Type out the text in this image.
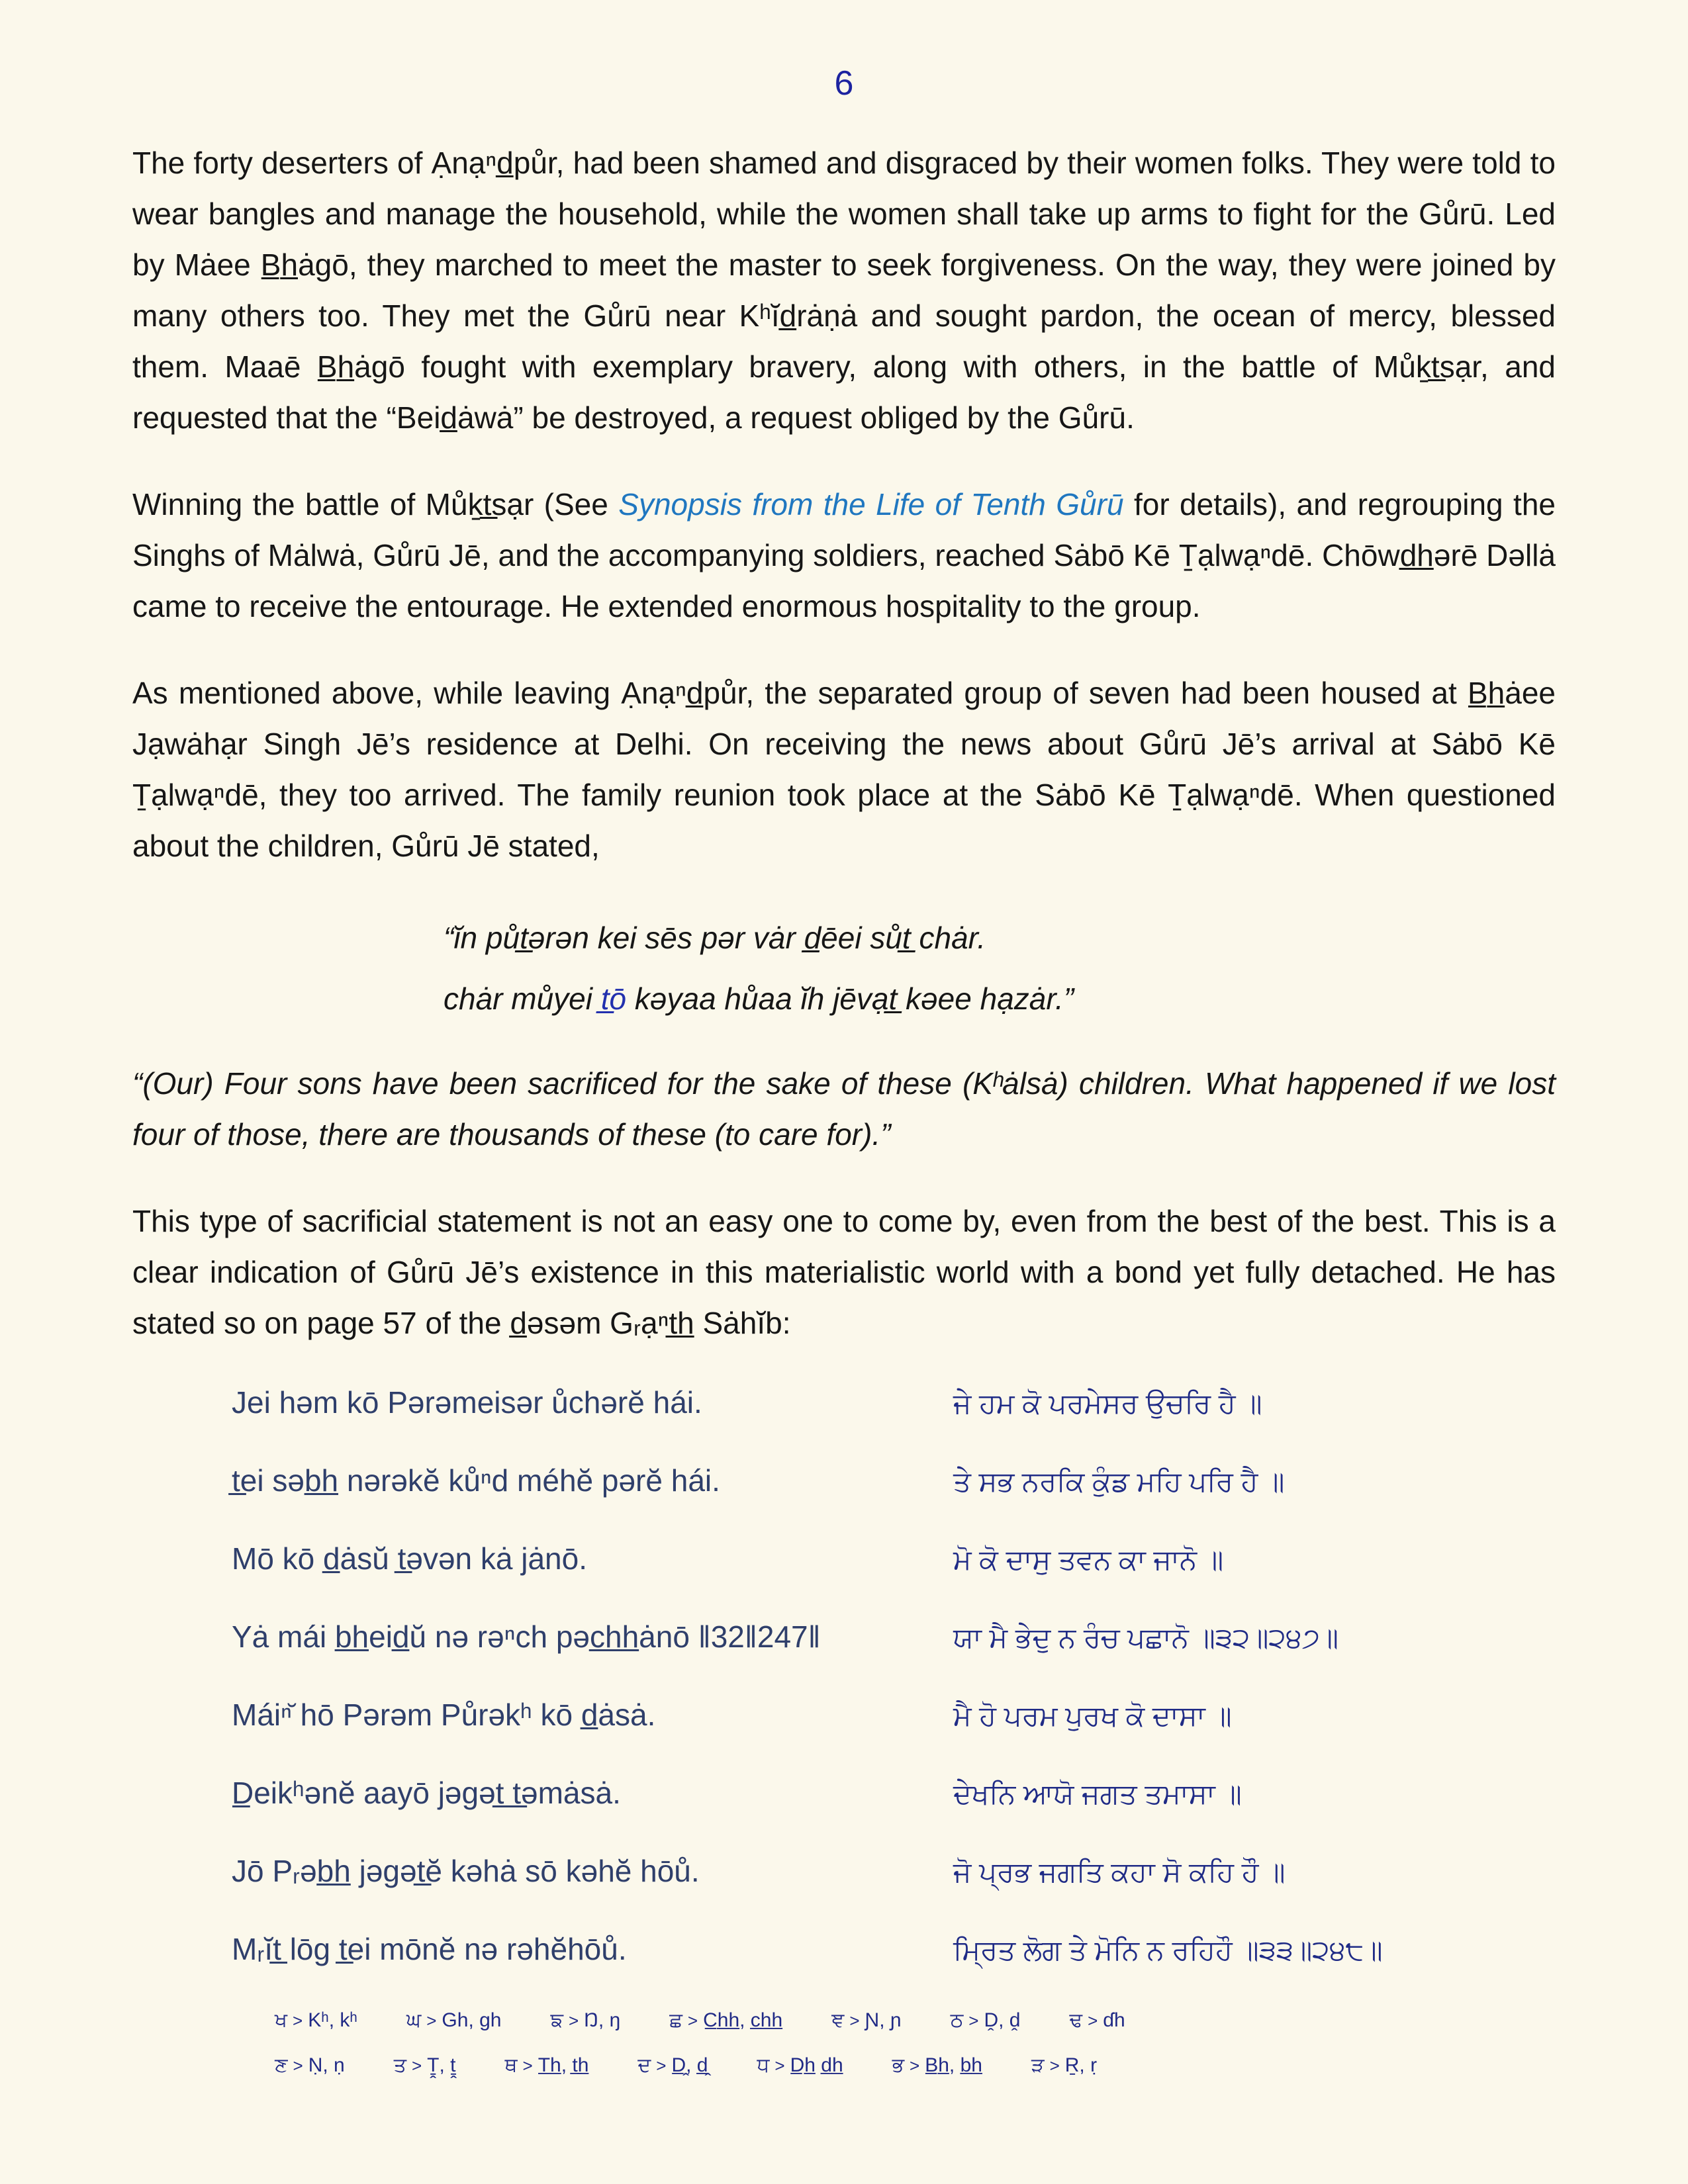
6

The forty deserters of Ạnạⁿd̲půr, had been shamed and disgraced by their women folks. They were told to wear bangles and manage the household, while the women shall take up arms to fight for the Gůrū. Led by Mȧee B̲h̲ȧgō, they marched to meet the master to seek forgiveness. On the way, they were joined by many others too. They met the Gůrū near Kʰĭd̲rȧṇȧ and sought pardon, the ocean of mercy, blessed them. Maaē B̲h̲ȧgō fought with exemplary bravery, along with others, in the battle of Můḵt̲sạr, and requested that the “Beid̲ȧwȧ” be destroyed, a request obliged by the Gůrū.

Winning the battle of Můḵt̲sạr (See Synopsis from the Life of Tenth Gůrū for details), and regrouping the Singhs of Mȧlwȧ, Gůrū Jē, and the accompanying soldiers, reached Sȧbō Kē Ṯạlwạⁿdē. Chōwd̲h̲ərē Dəllȧ came to receive the entourage. He extended enormous hospitality to the group.

As mentioned above, while leaving Ạnạⁿd̲půr, the separated group of seven had been housed at B̲h̲ȧee Jạwȧhạr Singh Jē’s residence at Delhi. On receiving the news about Gůrū Jē’s arrival at Sȧbō Kē Ṯạlwạⁿdē, they too arrived. The family reunion took place at the Sȧbō Kē Ṯạlwạⁿdē. When questioned about the children, Gůrū Jē stated,

“ĭn půt̲ərən kei sēs pər vȧr d̲ēei sůt̲ chȧr.
chȧr můyei t̲ō kəyaa hůaa ĭh jēvạt̲ kəee hạzȧr.”

“(Our) Four sons have been sacrificed for the sake of these (Kʰȧlsȧ) children. What happened if we lost four of those, there are thousands of these (to care for).”

This type of sacrificial statement is not an easy one to come by, even from the best of the best. This is a clear indication of Gůrū Jē’s existence in this materialistic world with a bond yet fully detached. He has stated so on page 57 of the d̲əsəm Gᵣạⁿt̲h̲ Sȧhĭb:

Jei həm kō Pərəmeisər ůchərĕ hái.	ਜੇ ਹਮ ਕੋ ਪਰਮੇਸਰ ਉਚਰਿ ਹੈ ॥
t̲ei səb̲h̲ nərəkĕ kůⁿd méhĕ pərĕ hái.	ਤੇ ਸਭ ਨਰਕਿ ਕੁੰਡ ਮਹਿ ਪਰਿ ਹੈ ॥
Mō kō d̲ȧsŭ t̲əvən kȧ jȧnō.	ਮੋ ਕੋ ਦਾਸੁ ਤਵਨ ਕਾ ਜਾਨੋ ॥
Yȧ mái b̲h̲eid̲ŭ nə rəⁿch pəc̲h̲h̲ȧnō ‖32‖247‖	ਯਾ ਮੈ ਭੇਦੁ ਨ ਰੰਚ ਪਛਾਨੋ ॥੩੨॥੨੪੭॥
Máiⁿ̆ hō Pərəm Půrəkʰ kō d̲ȧsȧ.	ਮੈ ਹੋ ਪਰਮ ਪੁਰਖ ਕੋ ਦਾਸਾ ॥
D̲eikʰənĕ aayō jəgət̲ t̲əmȧsȧ.	ਦੇਖਨਿ ਆਯੋ ਜਗਤ ਤਮਾਸਾ ॥
Jō Pᵣəb̲h̲ jəgət̲ĕ kəhȧ sō kəhĕ hōů.	ਜੋ ਪ੍ਰਭ ਜਗਤਿ ਕਹਾ ਸੋ ਕਹਿ ਹੌ ॥
Mᵣĭt̲ lōg t̲ei mōnĕ nə rəhĕhōů.	ਮ੍ਰਿਤ ਲੋਗ ਤੇ ਮੋਨਿ ਨ ਰਹਿਹੌ ॥੩੩॥੨੪੮॥
ਖ > Kʰ, kʰ ਘ > Gh, gh ਙ > Ŋ, ŋ ਛ > C̲h̲h̲, c̲h̲h̲ ਞ > Ɲ, ɲ ਠ > Ḓ, ḓ ਢ > ɗh
ਣ > Ṇ, ṇ ਤ > Ṯ̭, ṯ̭ ਥ > T̲h̲, t̲h̲ ਦ > D̲̭, d̲̭ ਧ > D̲h̲ d̲h̲ ਭ > B̲h̲, b̲h̲ ੜ > Ṟ, ṛ
